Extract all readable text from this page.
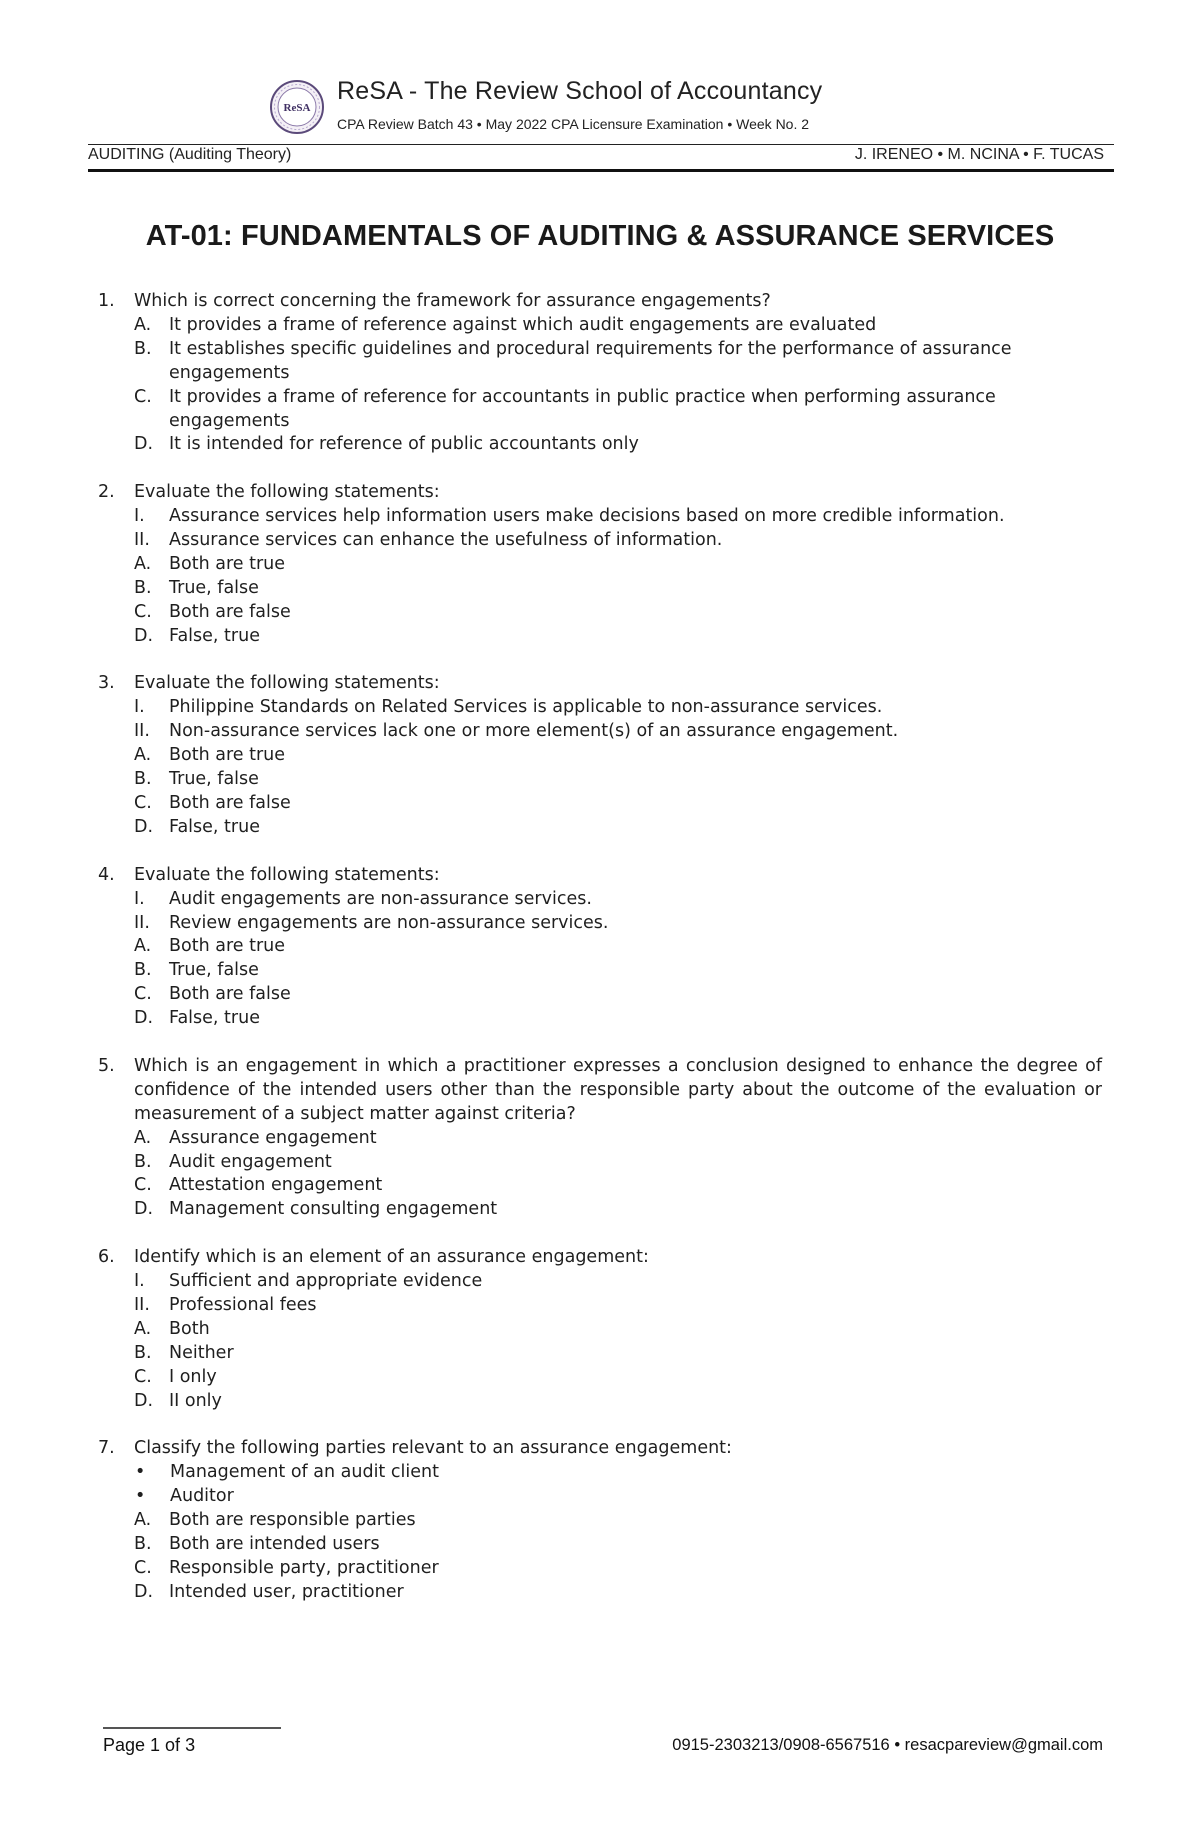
ReSA
ReSA - The Review School of Accountancy
CPA Review Batch 43 • May 2022 CPA Licensure Examination • Week No. 2
AUDITING (Auditing Theory)	J. IRENEO • M. NCINA • F. TUCAS
AT-01: FUNDAMENTALS OF AUDITING & ASSURANCE SERVICES
1.	Which is correct concerning the framework for assurance engagements?
A.	It provides a frame of reference against which audit engagements are evaluated
B. It establishes specific guidelines and procedural requirements for the performance of assurance engagements
C. It provides a frame of reference for accountants in public practice when performing assurance engagements
D. It is intended for reference of public accountants only
2.	Evaluate the following statements:
I.	Assurance services help information users make decisions based on more credible information.
II.	Assurance services can enhance the usefulness of information.
A.	Both are true
B. True, false
C. Both are false
D. False, true
3.	Evaluate the following statements:
I.	Philippine Standards on Related Services is applicable to non-assurance services.
II.	Non-assurance services lack one or more element(s) of an assurance engagement.
A.	Both are true
B. True, false
C. Both are false
D. False, true
4.	Evaluate the following statements:
I.	Audit engagements are non-assurance services.
II.	Review engagements are non-assurance services.
A.	Both are true
B. True, false
C. Both are false
D. False, true
5.	Which is an engagement in which a practitioner expresses a conclusion designed to enhance the degree of confidence of the intended users other than the responsible party about the outcome of the evaluation or measurement of a subject matter against criteria?
A.	Assurance engagement
B. Audit engagement
C. Attestation engagement
D. Management consulting engagement
6.	Identify which is an element of an assurance engagement:
I.	Sufficient and appropriate evidence
II.	Professional fees
A.	Both
B. Neither
C. I only
D. II only
7.	Classify the following parties relevant to an assurance engagement:
•	Management of an audit client
•	Auditor
A.	Both are responsible parties
B. Both are intended users
C. Responsible party, practitioner
D. Intended user, practitioner
Page 1 of 3	0915-2303213/0908-6567516 • resacpareview@gmail.com
